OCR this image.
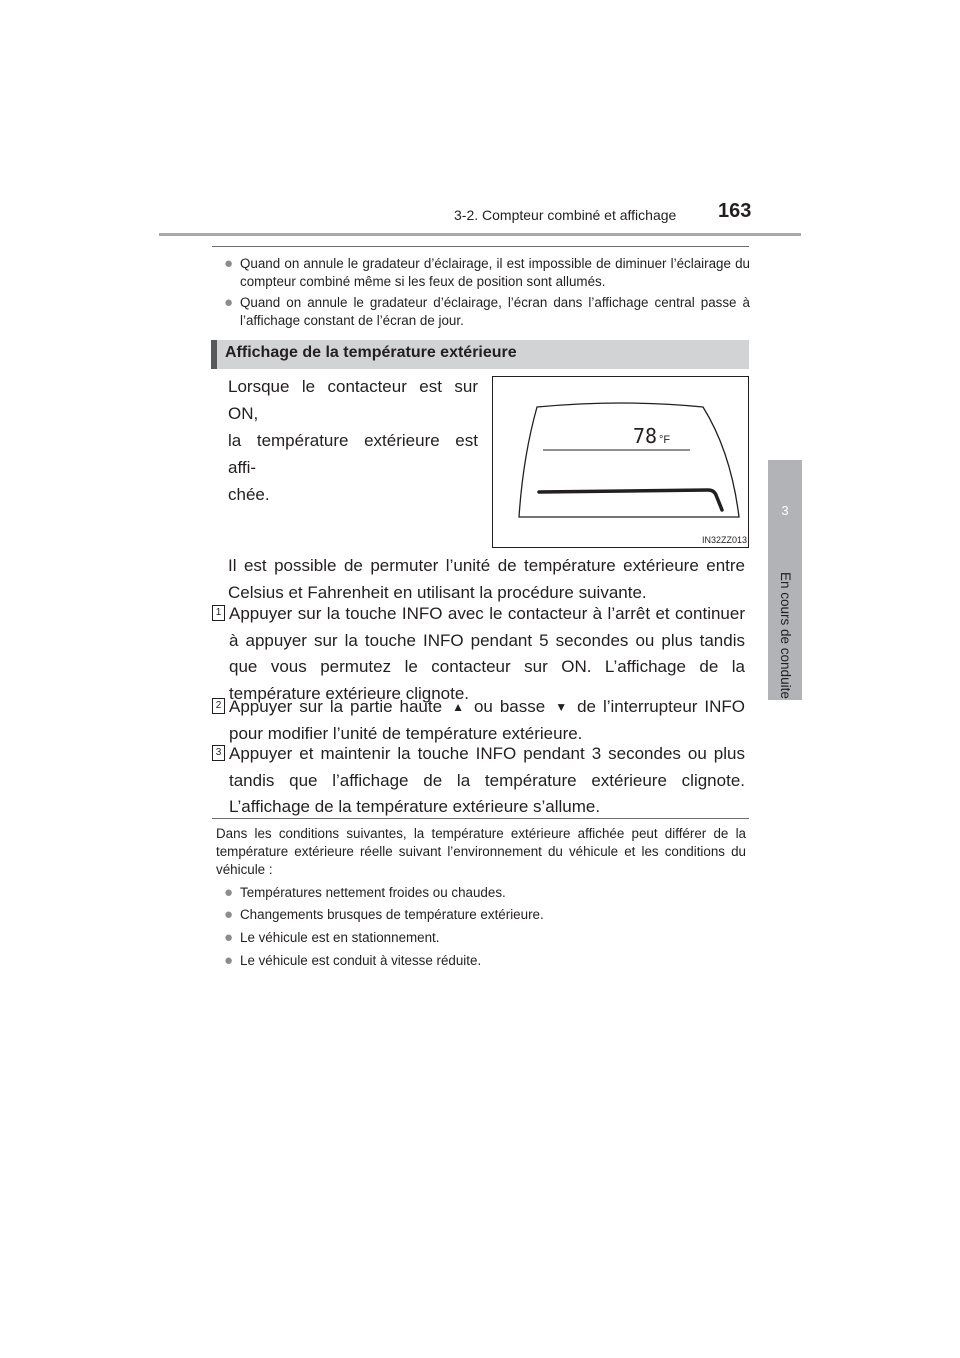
3-2. Compteur combiné et affichage 163
3
En cours de conduite
● Quand on annule le gradateur d’éclairage, il est impossible de diminuer l’éclairage du compteur combiné même si les feux de position sont allumés.
● Quand on annule le gradateur d’éclairage, l’écran dans l’affichage central passe à l’affichage constant de l’écran de jour.
Affichage de la température extérieure
Lorsque le contacteur est sur ON,
la température extérieure est affi-
chée.
78 °F
IN32ZZ013
Il est possible de permuter l’unité de température extérieure entre Celsius et Fahrenheit en utilisant la procédure suivante.
1 Appuyer sur la touche INFO avec le contacteur à l’arrêt et continuer à appuyer sur la touche INFO pendant 5 secondes ou plus tandis que vous permutez le contacteur sur ON. L’affichage de la température extérieure clignote.
2 Appuyer sur la partie haute ▲ ou basse ▼ de l’interrupteur INFO pour modifier l’unité de température extérieure.
3 Appuyer et maintenir la touche INFO pendant 3 secondes ou plus tandis que l’affichage de la température extérieure clignote. L’affichage de la température extérieure s’allume.
Dans les conditions suivantes, la température extérieure affichée peut différer de la température extérieure réelle suivant l’environnement du véhicule et les conditions du véhicule :
● Températures nettement froides ou chaudes.
● Changements brusques de température extérieure.
● Le véhicule est en stationnement.
● Le véhicule est conduit à vitesse réduite.
